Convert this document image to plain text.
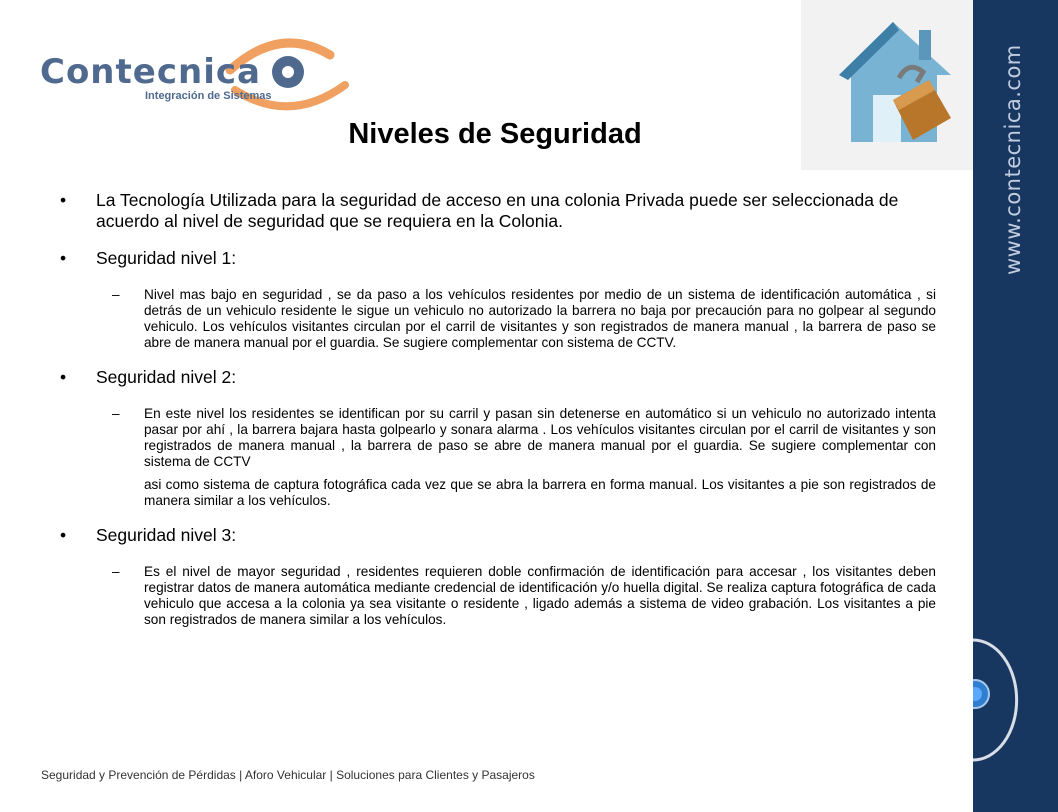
Contecnica
Integración de Sistemas	www.contecnica.com
Niveles de Seguridad
• La Tecnología Utilizada para la seguridad de acceso en una colonia Privada puede ser seleccionada de acuerdo al nivel de seguridad que se requiera en la Colonia.
• Seguridad nivel 1:
– Nivel mas bajo en seguridad , se da paso a los vehículos residentes por medio de un sistema de identificación automática , si detrás de un vehiculo residente le sigue un vehiculo no autorizado la barrera no baja por precaución para no golpear al segundo vehiculo. Los vehículos visitantes circulan por el carril de visitantes y son registrados de manera manual , la barrera de paso se abre de manera manual por el guardia. Se sugiere complementar con sistema de CCTV.

• Seguridad nivel 2:
– En este nivel los residentes se identifican por su carril y pasan sin detenerse en automático si un vehiculo no autorizado intenta pasar por ahí , la barrera bajara hasta golpearlo y sonara alarma . Los vehículos visitantes circulan por el carril de visitantes y son registrados de manera manual , la barrera de paso se abre de manera manual por el guardia. Se sugiere complementar con sistema de CCTV

asi como sistema de captura fotográfica cada vez que se abra la barrera en forma manual. Los visitantes a pie son registrados de manera similar a los vehículos.

• Seguridad nivel 3:
– Es el nivel de mayor seguridad , residentes requieren doble confirmación de identificación para accesar , los visitantes deben registrar datos de manera automática mediante credencial de identificación y/o huella digital. Se realiza captura fotográfica de cada vehiculo que accesa a la colonia ya sea visitante o residente , ligado además a sistema de video grabación. Los visitantes a pie son registrados de manera similar a los vehículos.

Seguridad y Prevención de Pérdidas | Aforo Vehicular | Soluciones para Clientes y Pasajeros
